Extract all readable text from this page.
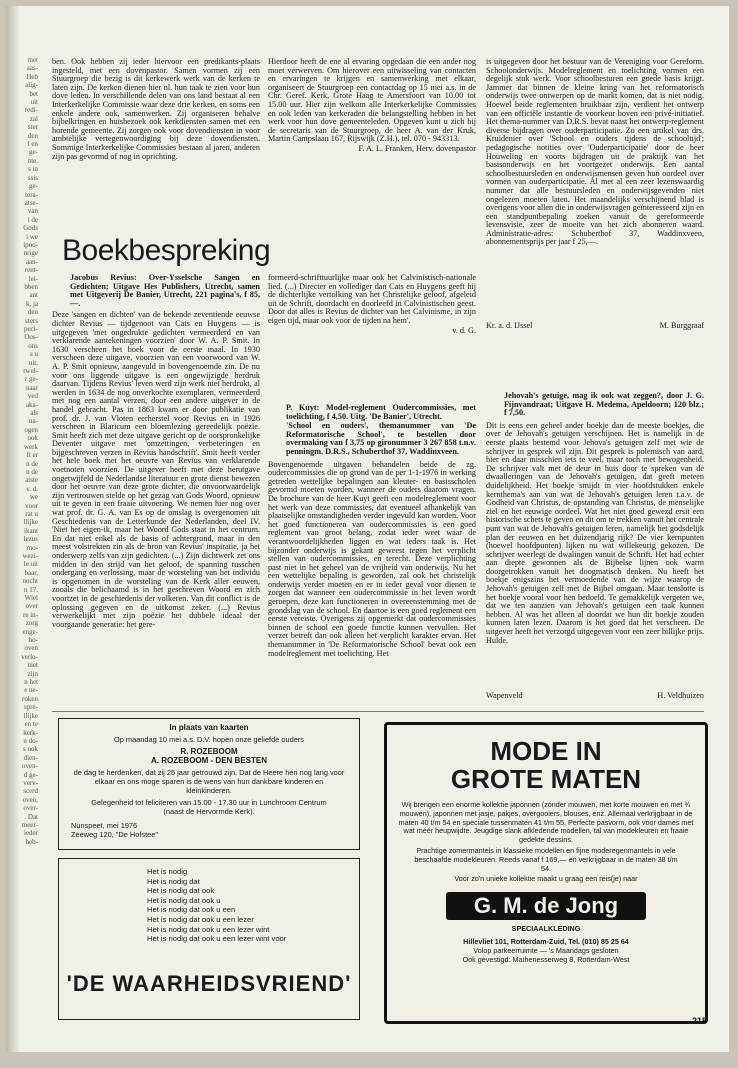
met
aas-
Heb
alig-
bet
uit
redi-
zal
ster
den
l en
ge-
nte.
s in
ssis
ge-
tera-
atse-
van
i de
Gods
i we
ipoo-
nrige
aan-
rent-
lei-
bben
ant
k, ja
den
sters
peci-
Oos-
ons
s u
uit,
rwel-
r ge-
naar
ved
aka-
als
na-
ogen
ook
werk
ft er
n de
n de
atste
v. d.
we
voor
rat u
llijke
ikant
lezus
mo-
wezi-
le uit
baar,
nocht
n 17.
Wiel
over
re in-
zorg
enge-
ho-
oven
verlo-
niet
zijn
n het
e ne-
roken
spre-
llijke
en te
kerk-
n do-
s ook
dien-
oven-
d ge-
verv-
scerd
oven,
over-
. Dat
meer-
ieder
heb-

ben. Ook hebben zij ieder hiervoor een predikants-plaats ingesteld, met een dovenpastor. Samen vormen zij een Stuurgroep die bezig is dit kerkewerk werk van de kerken te laten zijn. De kerken dienen hier nl. hun taak te zien voor hun dove leden. In verschillende delen van ons land bestaat al een Interkerkelijke Commissie waar deze drie kerken, en soms een enkele andere ook, samenwerken. Zij organiseren behalve bijbelkringen en huisbezoek ook kerkdiensten samen met een horende gemeente. Zij zorgen ook voor dovendiensten in voor ambtelijke vertegenwoordiging bij deze dovendiensten. Sommige Interkerkelijke Commissies bestaan al jaren, anderen zijn pas gevormd of nog in oprichting.

Hierdoor heeft de ene al ervaring opgedaan die een ander nog moet verwerven. Om hierover een uitwisseling van contacten en ervaringen te krijgen en samenwerking met elkaar, organiseert de Stuurgroep een contactdag op 15 mei a.s. in de Chr. Geref. Kerk, Grote Haag te Amersfoort van 10.00 tot 15.00 uur. Hier zijn welkom alle Interkerkelijke Commissies en ook leden van kerkeraden die belangstelling hebben in het werk voor hun dove gemeenteleden. Opgeven kunt u zich bij de secretaris van de Stuurgroep, de heer A. van der Kruk, Martin Campslaan 167, Rijswijk (Z.H.), tel. 070 - 943313.

F. A. L. Franken, Herv. dovenpastor

is uitgegeven door het bestuur van de Vereniging voor Gereform. Schoolonderwijs. Modelreglement en toelichting vormen een degelijk stuk werk. Voor schoolbesturen een goede basis krijgt. Jammer dat binnen de kleine kring van het reformatorisch onderwijs twee ontwerpen op de markt komen, dat is niet nodig. Hoewel beide reglementen bruikbaar zijn, verdient het ontwerp van een officiële instantie de voorkeur boven een privé-initiatief. Het thema-nummer van D.R.S. bevat naast het ontwerp-reglement diverse bijdragen over ouderparticipatie. Zo een artikel van drs. Kruidenier over 'School en ouders tijdens de schooltijd'; pedagogische notities over 'Ouderparticipatie' door de heer Houweling en voorts bijdragen uit de praktijk van het basisonderwijs en het voortgezet onderwijs. Een aantal schoolbestuursleden en onderwijsmensen geven hun oordeel over vormen van ouderparticipatie. Al met al een zeer lezenswaardig nummer dat alle bestuursleden en onderwijsgevenden niet ongelezen moeten laten. Het maandelijks verschijnend blad is overigens voor allen die in onderwijsvragen geïnteresseerd zijn en een standpuntbepaling zoeken vanuit de gereformeerde levensvisie, zeer de moeite van het zich abonneren waard. Administratie-adres: Schuberthof 37, Waddinxveen, abonnementsprijs per jaar f 25,—.

Kr. a. d. IJssel	M. Burggraaf
Boekbespreking

Jacobus Revius: Over-Ysselsche Sangen en Gedichten; Uitgave Hes Publishers, Utrecht, samen met Uitgeverij De Banier, Utrecht, 221 pagina's, f 85,—.

Deze 'sangen en dichten' van de bekende zeventiende eeuwse dichter Revius — tijdgenoot van Cats en Huygens — is uitgegeven 'met ongedrukte gedichten vermeerderd en van verklarende aantekeningen voorzien' door W. A. P. Smit. In 1630 verscheen het boek voor de eerste maal. In 1930 verscheen deze uitgave, voorzien van een voorwoord van W. A. P. Smit opnieuw, aangevuld in bovengenoemde zin. De nu voor ons liggende uitgave is een ongewijzigde herdruk daarvan. Tijdens Revius' leven werd zijn werk niet herdrukt, al werden in 1634 de nog onverkochte exemplaren, vermeerderd met nog een aantal verzen, door een andere uitgever in de handel gebracht. Pas in 1863 kwam er door publikatie van prof. dr. J. van Vloten eerherstel voor Revius en in 1926 verscheen in Blaricum een bloemlezing gereedelijk poëzie. Smit heeft zich met deze uitgave gericht op de oorspronkelijke Deventer uitgave met 'omzettingen, verbeteringen en bijgeschreven verzen in Revius handschrift'. Smit heeft verder het hele boek met het oeuvre van Revius van verklarende voetnoten voorzien. De uitgever heeft met deze herutgave ongetwijfeld de Nederlandse literatuur en grote dienst bewezen door het oeuvre van deze grote dichter, die onvoorwaardelijk zijn vertrouwen stelde op het gezag van Gods Woord, opnieuw uit te geven in een fraaie uitvoering. We nemen hier nog over wat prof. dr. G. A. van Es op de omslag is overgenomen uit Geschiedenis van de Letterkunde der Nederlanden, deel IV. 'Niet het eigen-ik, maar het Woord Gods staat in het centrum. En dat niet enkel als de basis of achtergrond, maar in den meest volstrekten zin als de bron van Revius' inspiratie, ja het onderwerp zelfs van zijn gedichten. (...) Zijn dichtwerk zet ons midden in den strijd van het geloof, de spanning tusschen ondergang en verlossing, maar de worsteling van het individu is opgenomen in de worsteling van de Kerk aller eeuwen, zooals die belichaamd is in het geschreven Woord en zich voortzet in de geschiedenis der volkeren. Van dit conflict is de oplossing gegeven en de uitkomst zeker. (...) Revius verwerkelijkt met zijn poëzie het dubbele ideaal der voorgaande generatie: het gere-

formeerd-schrifttuurlijke maar ook het Calvinistisch-nationale lied. (...) Directer en vollediger dan Cats en Huygens geeft hij de dichterlijke vertolking van het Christelijke geloof, afgeleid uit de Schrift, doordacht en doorleefd in Calvinistischen geest. Door dat alles is Revius de dichter van het Calvinisme, in zijn eigen tijd, maar ook voor de tijden na hem'.

v. d. G.

P. Kuyt: Model-reglement Oudercommissies, met toelichting, f 4,50. Uitg. 'De Banier', Utrecht.

'School en ouders', themanummer van 'De Reformatorische School', te bestellen door overmaking van f 3,75 op gironummer 3 267 858 t.n.v. penningm. D.R.S., Schuberthof 37, Waddinxveen.

Bovengenoemde uitgaven behandelen beide de zg. oudercommissies die op grond van de per 1-1-1976 in werking getreden wettelijke bepalingen aan kleuter- en basisscholen gevormd moeten worden, wanneer de ouders daarom vragen. De brochure van de heer Kuyt geeft een modelreglement voor het werk van deze commissies, dat eventueel afhankelijk van plaatselijke omstandigheden verder ingevuld kan worden. Voor het goed functioneren van oudercommissies is een goed reglement van groot belang, zodat ieder weet waar de verantwoordelijkheden liggen en wat ieders taak is. Het bijzonder onderwijs is gekant geweest tegen het verplicht stellen van oudercommissies, en terecht. Deze verplichting past niet in het geheel van de vrijheid van onderwijs. Nu het een wettelijke bepaling is geworden, zal ook het christelijk onderwijs verder moeten en er in ieder geval voor dienen te zorgen dat wanneer een oudercommissie in het leven wordt geroepen, deze kan functioneren in overeenstemming met de grondslag van de school. En daartoe is een goed reglement een eerste vereiste. Overigens zij opgemerkt dat oudercommissies binnen de school een goede functie kunnen vervullen. Het verzet betreft dan ook alleen het verplicht karakter ervan. Het themanummer in 'De Reformatorische School' bevat ook een modelreglement met toelichting. Het

Jehovah's getuige, mag ik ook wat zeggen?, door J. G. Fijnvandraat; Uitgave H. Medema, Apeldoorn; 120 blz.; f 7,50.

Dit is eens een geheel ander boekje dan de meeste boekjes, die over de Jehovah's getuigen verschijnen. Het is namelijk in de eerste plaats bestemd voor Jehova's getuigen zelf met wie de schrijver in gesprek wil zijn. Dit gesprek is polemisch van aard, hier en daar misschien iets te veel, maar toch met bewogenheid. De schrijver valt met de deur in huis door te spreken van de dwaalleringen van de Jehovah's getuigen, dat geeft meteen duidelijkheid. Het boekje smijdt in vier hoofdstukken enkele kernthema's aan van wat de Jehovah's getuigen leren t.a.v. de Godheid van Christus, de opstanding van Christus, de menselijke ziel en het eeuwige oordeel. Wat het niet goed gewezd ersit een historische schets te geven en dit om te trekken vanuit het centrale punt van wat de Jehovah's getuigen leren, namelijk het godsdelijk plan der eeuwen en het duizendjarig rijk? De vier kernpunten (hoewel hoofdpunten) lijken nu wat willekeurig gekozen. De schrijver weerlegt de dwalingen vanuit de Schrift. Het had echter aan diepte gewonnen als de Bijbelse lijnen ook warm doorgetrokken vanuit het doogmatisch denken. Nu heeft het boekje enigszins het vermoedende van de wijze waarop de Jehovah's getuigen zelf met de Bijbel omgaan. Maar tenslotte is het boekje vooral voor hen bedoeld. Te gemakkelijk vergeten we, dat we ten aanzien van Jehovah's getuigen een taak kunnen hebben. Al was het alleen al doordat we hun dit boekje zouden kunnen laten lezen. Daarom is het goed dat het verscheen. De uitgever heeft het verzorgd uitgegeven voor een zeer billijke prijs. Hulde.

Wapenveld	H. Veldhuizen
In plaats van kaarten
Op maandag 10 mei a.s. D.V. hopen onze geliefde ouders
R. ROZEBOOM
A. ROZEBOOM - DEN BESTEN
de dag te herdenken, dat zij 25 jaar getrouwd zijn. Dat de Heere hen nog lang voor elkaar en ons moge sparen is de wens van hun dankbare kinderen en kleinkinderen.
Gelegenheid tot feliciteren van 15.00 - 17.30 uur in Lunchroom Centrum (naast de Hervormde Kerk).
Nunspeet, mei 1976
Zeeweg 120, "De Hofstee"
Het is nodig
Het is nodig dat
Het is nodig dat ook
Het is nodig dat ook u
Het is nodig dat ook u een
Het is nodig dat ook u een lezer
Het is nodig dat ook u een lezer wint
Het is nodig dat ook u een lezer wint voor
'DE WAARHEIDSVRIEND'
MODE IN
GROTE MATEN
Wij brengen een enorme kollektie japonnen (zonder mouwen, met korte mouwen en met ¾ mouwen), japonnen met jasje, pakjes, overgooiers, blouses, enz. Allemaal verkrijgbaar in de maten 40 t/m 54 en speciale tussenmaten 41 t/m 55. Perfecte pasvorm, ook voor dames met wat méér heupwijdte. Jeugdige slank afkledende modellen, tal van modekleuren en fraaie gedekte dessins.
Prachtige zomermantels in klassieke modellen en fijne moderegenmantels in vele beschaafde modekleuren. Reeds vanaf f 169,— en verkrijgbaar in de maten 38 t/m 54.
Voor zo'n unieke kollektie maakt u graag een reis(je) naar
G. M. de Jong
SPECIAALKLEDING
Hillevliet 101, Rotterdam-Zuid, Tel. (010) 85 25 64
Volop parkeerruimte — 's Maandags gesloten
Ook gevestigd: Mathenesserweg 8, Rotterdam-West
215
